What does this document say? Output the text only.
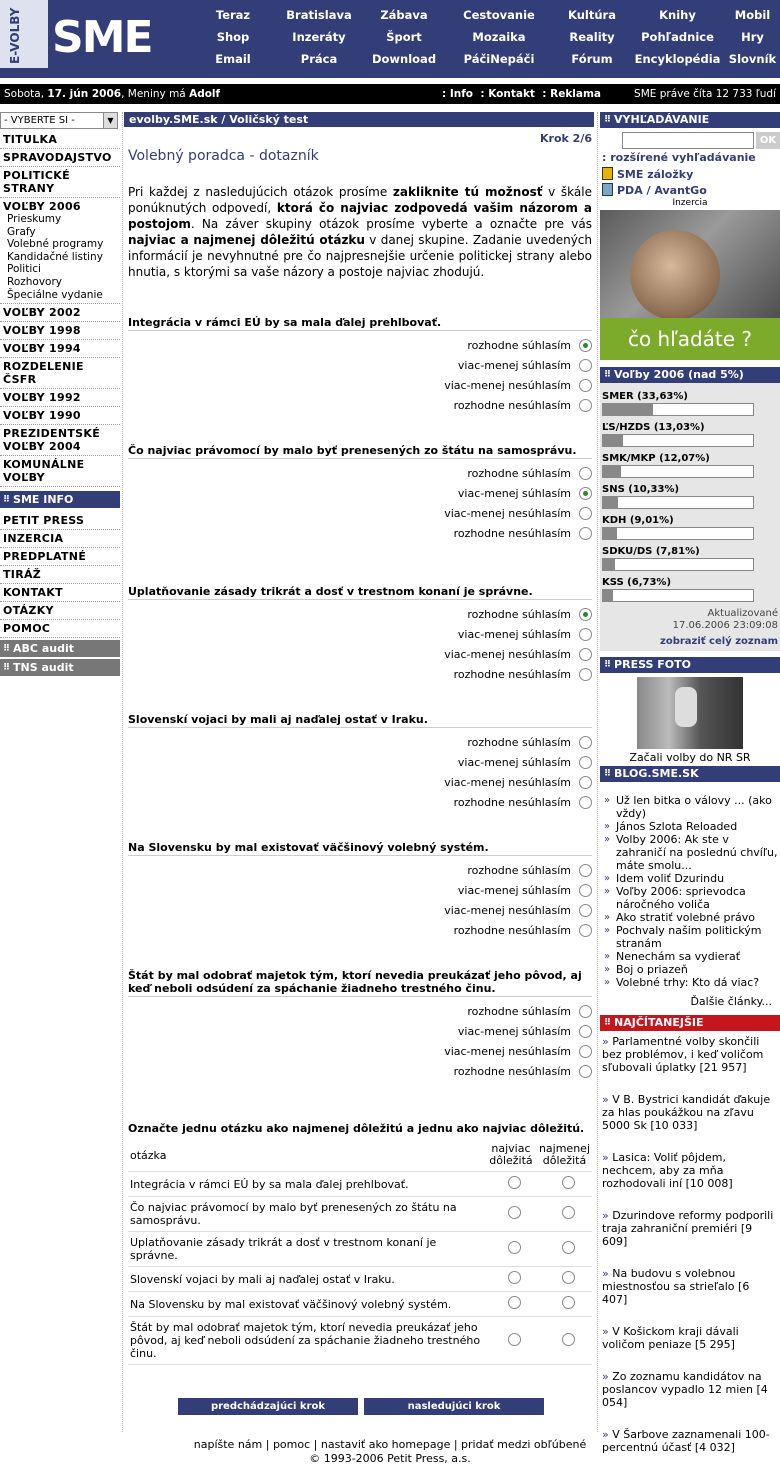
E-VOLBY SME	Teraz	Bratislava	Zábava	Cestovanie	Kultúra	Knihy	Mobil
Shop	Inzeráty	Šport	Mozaika	Reality	Pohľadnice	Hry
Email	Práca	Download	PáčiNepáči	Fórum	Encyklopédia Slovník
Sobota, 17. jún 2006, Meniny má Adolf - pošli pohľadnicu	: Info : Kontakt : Reklama	SME práve číta 12 733 ľudí
- VYBERTE SI -	▼
TITULKA
SPRAVODAJSTVO
POLITICKÉ STRANY
VOĽBY 2006
Prieskumy
Grafy
Volebné programy
Kandidačné listiny
Politici
Rozhovory
Špeciálne vydanie
VOĽBY 2002
VOĽBY 1998
VOĽBY 1994
ROZDELENIE ČSFR
VOĽBY 1992
VOĽBY 1990
PREZIDENTSKÉ VOĽBY 2004
KOMUNÁLNE VOĽBY
⠿ SME INFO
PETIT PRESS
INZERCIA
PREDPLATNÉ
TIRÁŽ
KONTAKT
OTÁZKY
POMOC
⠿ ABC audit
⠿ TNS audit
evolby.SME.sk / Voličský test
Krok 2/6
Volebný poradca - dotazník
Pri každej z nasledujúcich otázok prosíme zakliknite tú možnosť v škále ponúknutých odpovedí, ktorá čo najviac zodpovedá vašim názorom a postojom. Na záver skupiny otázok prosíme vyberte a označte pre vás najviac a najmenej dôležitú otázku v danej skupine. Zadanie uvedených informácií je nevyhnutné pre čo najpresnejšie určenie politickej strany alebo hnutia, s ktorými sa vaše názory a postoje najviac zhodujú.
Integrácia v rámci EÚ by sa mala ďalej prehlbovať.
rozhodne súhlasím
viac-menej súhlasím
viac-menej nesúhlasím
rozhodne nesúhlasím
Čo najviac právomocí by malo byť prenesených zo štátu na samosprávu.
rozhodne súhlasím
viac-menej súhlasím
viac-menej nesúhlasím
rozhodne nesúhlasím
Uplatňovanie zásady trikrát a dosť v trestnom konaní je správne.
rozhodne súhlasím
viac-menej súhlasím
viac-menej nesúhlasím
rozhodne nesúhlasím
Slovenskí vojaci by mali aj naďalej ostať v Iraku.
rozhodne súhlasím
viac-menej súhlasím
viac-menej nesúhlasím
rozhodne nesúhlasím
Na Slovensku by mal existovať väčšinový volebný systém.
rozhodne súhlasím
viac-menej súhlasím
viac-menej nesúhlasím
rozhodne nesúhlasím
Štát by mal odobrať majetok tým, ktorí nevedia preukázať jeho pôvod, aj keď neboli odsúdení za spáchanie žiadneho trestného činu.
rozhodne súhlasím
viac-menej súhlasím
viac-menej nesúhlasím
rozhodne nesúhlasím
Označte jednu otázku ako najmenej dôležitú a jednu ako najviac dôležitú.
otázka	najviac dôležitá	najmenej dôležitá
Integrácia v rámci EÚ by sa mala ďalej prehlbovať.		
Čo najviac právomocí by malo byť prenesených zo štátu na samosprávu.		
Uplatňovanie zásady trikrát a dosť v trestnom konaní je správne.		
Slovenskí vojaci by mali aj naďalej ostať v Iraku.		
Na Slovensku by mal existovať väčšinový volebný systém.		
Štát by mal odobrať majetok tým, ktorí nevedia preukázať jeho pôvod, aj keď neboli odsúdení za spáchanie žiadneho trestného činu.		
predchádzajúci krok	nasledujúci krok
⠿ VYHĽADÁVANIE
OK
: rozšírené vyhľadávanie
SME záložky
PDA / AvantGo
Inzercia
čo hľadáte ?
⠿ Voľby 2006 (nad 5%)
SMER (33,63%)
ĽS/HZDS (13,03%)
SMK/MKP (12,07%)
SNS (10,33%)
KDH (9,01%)
SDKU/DS (7,81%)
KSS (6,73%)
Aktualizované
17.06.2006 23:09:08
zobraziť celý zoznam
⠿ PRESS FOTO
Začali volby do NR SR
⠿ BLOG.SME.SK
» Už len bitka o válovy ... (ako vždy)
» János Szlota Reloaded
» Volby 2006: Ak ste v zahraničí na poslednú chvíľu, máte smolu...
» Idem voliť Dzurindu
» Voľby 2006: sprievodca náročného voliča
» Ako stratiť volebné právo
» Pochvaly našim politickým stranám
» Nenechám sa vydierať
» Boj o priazeň
» Volebné trhy: Kto dá viac?
Ďalšie články...
⠿ NAJČÍTANEJŠIE
» Parlamentné volby skončili bez problémov, i keď voličom sľubovali úplatky [21 957]
» V B. Bystrici kandidát ďakuje za hlas poukážkou na zľavu 5000 Sk [10 033]
» Lasica: Voliť pôjdem, nechcem, aby za mňa rozhodovali iní [10 008]
» Dzurindove reformy podporili traja zahraniční premiéri [9 609]
» Na budovu s volebnou miestnosťou sa strieľalo [6 407]
» V Košickom kraji dávali voličom peniaze [5 295]
» Zo zoznamu kandidátov na poslancov vypadlo 12 mien [4 054]
» V Šarbove zaznamenali 100-percentnú účasť [4 032]
napíšte nám | pomoc | nastaviť ako homepage | pridať medzi obľúbené
© 1993-2006 Petit Press, a.s.
